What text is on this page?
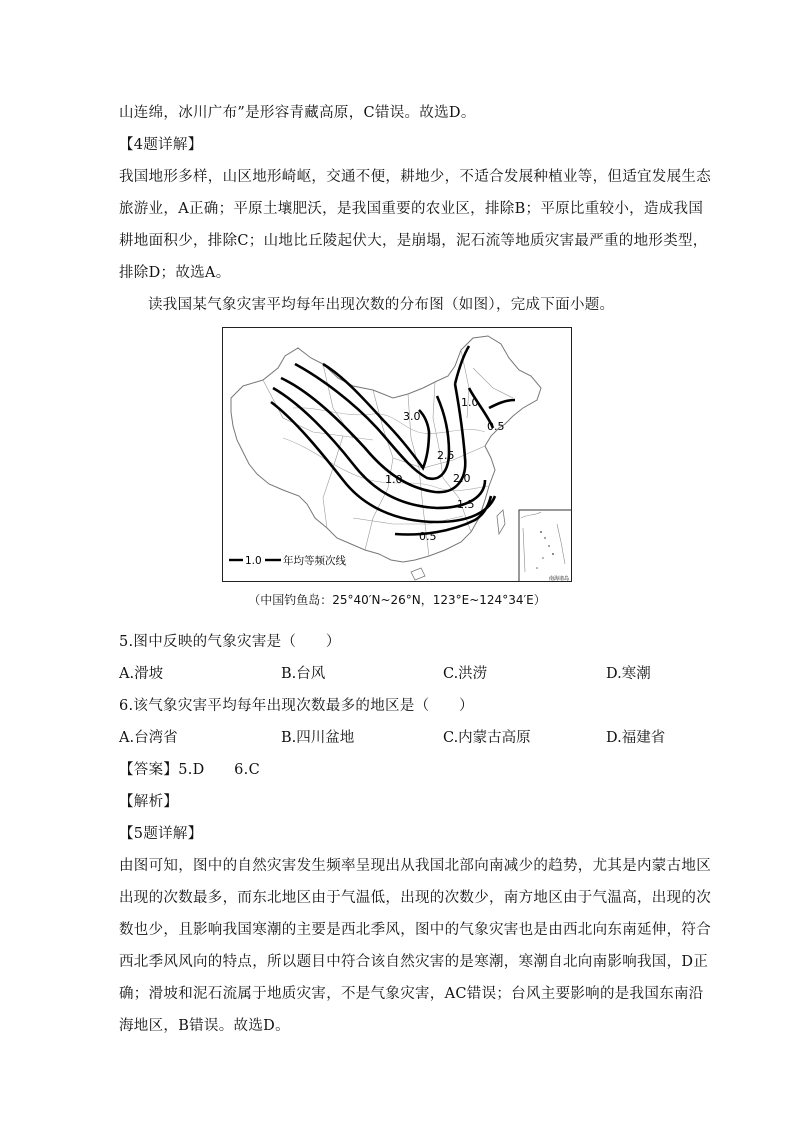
山连绵，冰川广布”是形容青藏高原，C错误。故选D。
【4题详解】
我国地形多样，山区地形崎岖，交通不便，耕地少，不适合发展种植业等，但适宜发展生态
旅游业，A正确；平原土壤肥沃，是我国重要的农业区，排除B；平原比重较小，造成我国
耕地面积少，排除C；山地比丘陵起伏大，是崩塌，泥石流等地质灾害最严重的地形类型，
排除D；故选A。
读我国某气象灾害平均每年出现次数的分布图（如图），完成下面小题。
3.0
2.5
2.0
1.5
1.0
1.0
0.5
0.5
1.0 年均等频次线
南海诸岛
（中国钓鱼岛：25°40′N~26°N，123°E~124°34′E）
5.图中反映的气象灾害是（　　）
A.滑坡	B.台风	C.洪涝	D.寒潮
6.该气象灾害平均每年出现次数最多的地区是（　　）
A.台湾省	B.四川盆地	C.内蒙古高原	D.福建省
【答案】5.D　　6.C
【解析】
【5题详解】
由图可知，图中的自然灾害发生频率呈现出从我国北部向南减少的趋势，尤其是内蒙古地区
出现的次数最多，而东北地区由于气温低，出现的次数少，南方地区由于气温高，出现的次
数也少，且影响我国寒潮的主要是西北季风，图中的气象灾害也是由西北向东南延伸，符合
西北季风风向的特点，所以题目中符合该自然灾害的是寒潮，寒潮自北向南影响我国，D正
确；滑坡和泥石流属于地质灾害，不是气象灾害，AC错误；台风主要影响的是我国东南沿
海地区，B错误。故选D。
